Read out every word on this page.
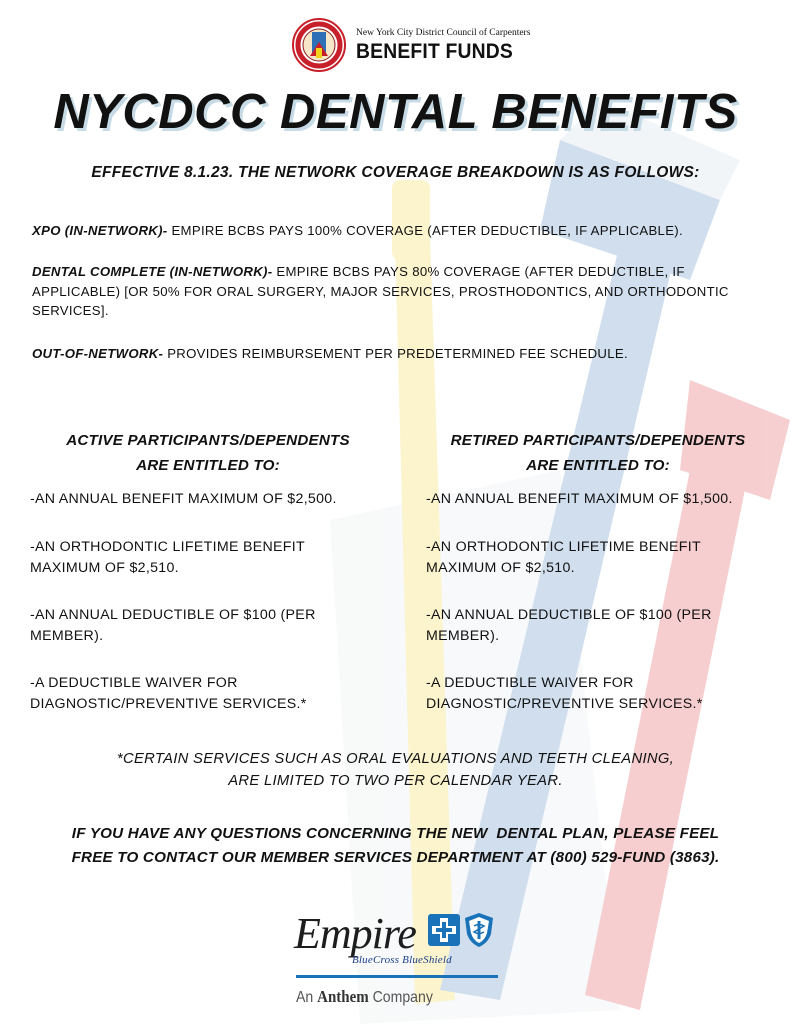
New York City District Council of Carpenters
BENEFIT FUNDS
NYCDCC DENTAL BENEFITS
EFFECTIVE 8.1.23. THE NETWORK COVERAGE BREAKDOWN IS AS FOLLOWS:
XPO (IN-NETWORK)- EMPIRE BCBS PAYS 100% COVERAGE (AFTER DEDUCTIBLE, IF APPLICABLE).
DENTAL COMPLETE (IN-NETWORK)- EMPIRE BCBS PAYS 80% COVERAGE (AFTER DEDUCTIBLE, IF APPLICABLE) [OR 50% FOR ORAL SURGERY, MAJOR SERVICES, PROSTHODONTICS, AND ORTHODONTIC SERVICES].
OUT-OF-NETWORK- PROVIDES REIMBURSEMENT PER PREDETERMINED FEE SCHEDULE.
ACTIVE PARTICIPANTS/DEPENDENTS
ARE ENTITLED TO:
RETIRED PARTICIPANTS/DEPENDENTS
ARE ENTITLED TO:
-AN ANNUAL BENEFIT MAXIMUM OF $2,500.
-AN ORTHODONTIC LIFETIME BENEFIT MAXIMUM OF $2,510.
-AN ANNUAL DEDUCTIBLE OF $100 (PER MEMBER).
-A DEDUCTIBLE WAIVER FOR DIAGNOSTIC/PREVENTIVE SERVICES.*
-AN ANNUAL BENEFIT MAXIMUM OF $1,500.
-AN ORTHODONTIC LIFETIME BENEFIT MAXIMUM OF $2,510.
-AN ANNUAL DEDUCTIBLE OF $100 (PER MEMBER).
-A DEDUCTIBLE WAIVER FOR DIAGNOSTIC/PREVENTIVE SERVICES.*
*CERTAIN SERVICES SUCH AS ORAL EVALUATIONS AND TEETH CLEANING,
ARE LIMITED TO TWO PER CALENDAR YEAR.
IF YOU HAVE ANY QUESTIONS CONCERNING THE NEW  DENTAL PLAN, PLEASE FEEL
FREE TO CONTACT OUR MEMBER SERVICES DEPARTMENT AT (800) 529-FUND (3863).
Empire
BlueCross BlueShield
An Anthem Company
